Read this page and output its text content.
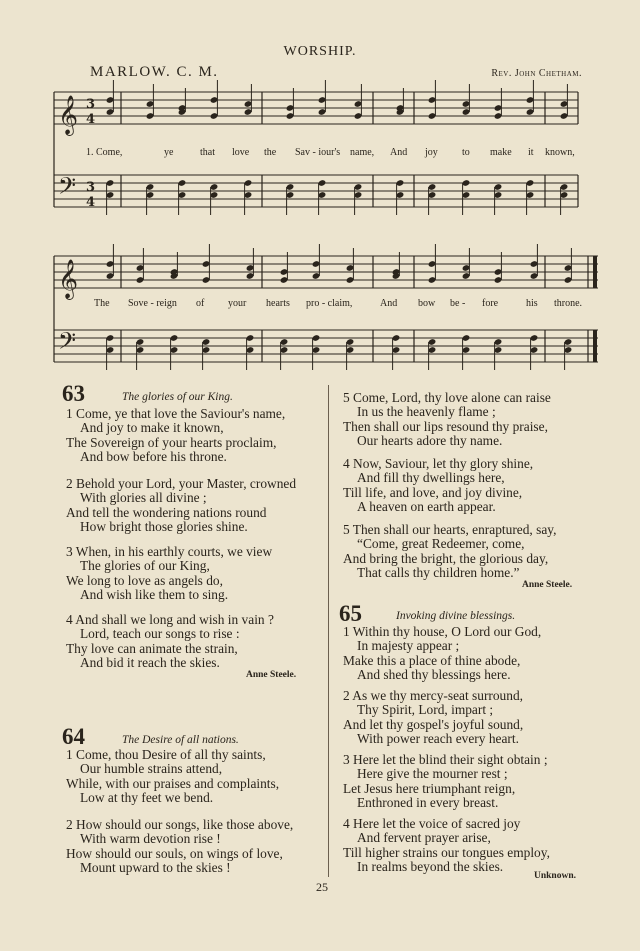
WORSHIP.
MARLOW. C. M.	Rev. John Chetham.
𝄞
𝄢
𝄞
𝄢
3
4
3
4
1. Come,	ye	that love the Sav - iour's name, And joy to make it known,
The Sove - reign of your hearts pro - claim,	And bow be - fore	his throne.
63	The glories of our King.
1 Come, ye that love the Saviour's name,
And joy to make it known,
The Sovereign of your hearts proclaim,
And bow before his throne.
2 Behold your Lord, your Master, crowned
With glories all divine ;
And tell the wondering nations round
How bright those glories shine.
3 When, in his earthly courts, we view
The glories of our King,
We long to love as angels do,
And wish like them to sing.
4 And shall we long and wish in vain ?
Lord, teach our songs to rise :
Thy love can animate the strain,
And bid it reach the skies.
Anne Steele.
64	The Desire of all nations.
1 Come, thou Desire of all thy saints,
Our humble strains attend,
While, with our praises and complaints,
Low at thy feet we bend.
2 How should our songs, like those above,
With warm devotion rise !
How should our souls, on wings of love,
Mount upward to the skies !
5 Come, Lord, thy love alone can raise
In us the heavenly flame ;
Then shall our lips resound thy praise,
Our hearts adore thy name.
4 Now, Saviour, let thy glory shine,
And fill thy dwellings here,
Till life, and love, and joy divine,
A heaven on earth appear.
5 Then shall our hearts, enraptured, say,
“Come, great Redeemer, come,
And bring the bright, the glorious day,
That calls thy children home.”
Anne Steele.
65	Invoking divine blessings.
1 Within thy house, O Lord our God,
In majesty appear ;
Make this a place of thine abode,
And shed thy blessings here.
2 As we thy mercy-seat surround,
Thy Spirit, Lord, impart ;
And let thy gospel's joyful sound,
With power reach every heart.
3 Here let the blind their sight obtain ;
Here give the mourner rest ;
Let Jesus here triumphant reign,
Enthroned in every breast.
4 Here let the voice of sacred joy
And fervent prayer arise,
Till higher strains our tongues employ,
In realms beyond the skies.
Unknown.
25
